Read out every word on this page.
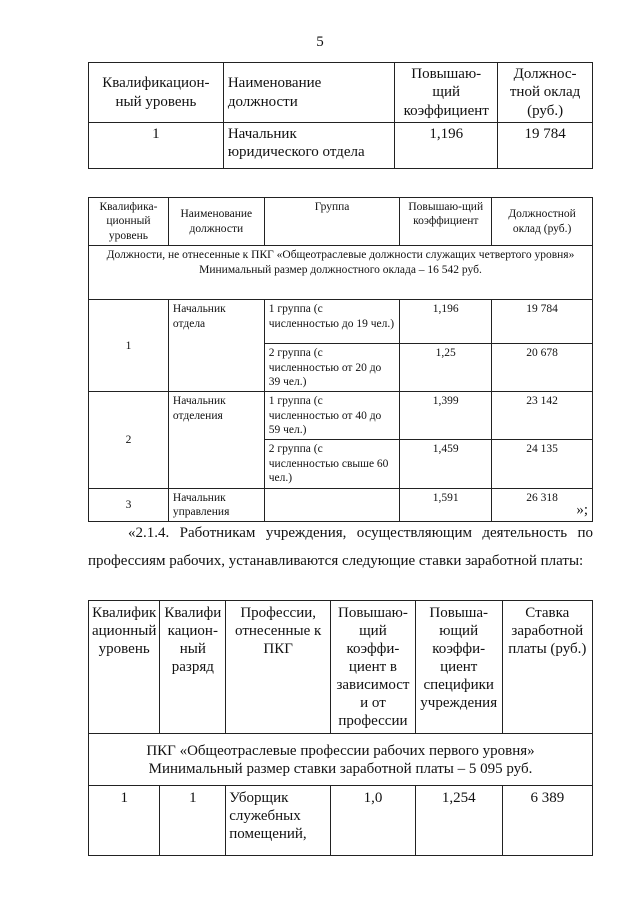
5
Квалификацион-ный уровень	Наименование должности	Повышаю-щий коэффициент	Должнос-тной оклад (руб.)
1	Начальник юридического отдела	1,196	19 784
Квалифика-ционный уровень	Наименование должности	Группа	Повышаю-щий коэффициент	Должностной оклад (руб.)

Должности, не отнесенные к ПКГ «Общеотраслевые должности служащих четвертого уровня»
Минимальный размер должностного оклада – 16 542 руб.				

1	Начальник отдела	1 группа (с численностью до 19 чел.)	1,196	19 784
		2 группа (с численностью от 20 до 39 чел.)	1,25	20 678
2	Начальник отделения	1 группа (с численностью от 40 до 59 чел.)	1,399	23 142
		2 группа (с численностью свыше 60 чел.)	1,459	24 135
3	Начальник управления		1,591	26 318
»;
«2.1.4. Работникам учреждения, осуществляющим деятельность по профессиям рабочих, устанавливаются следующие ставки заработной платы:
Квалифик ационный уровень	Квалифи кацион-ный разряд	Профессии, отнесенные к ПКГ	Повышаю-щий коэффи-циент в зависимост и от профессии	Повыша-ющий коэффи-циент специфики учреждения	Ставка заработной платы (руб.)

ПКГ «Общеотраслевые профессии рабочих первого уровня»
Минимальный размер ставки заработной платы – 5 095 руб.					

1	1	Уборщик служебных помещений,	1,0	1,254	6 389
